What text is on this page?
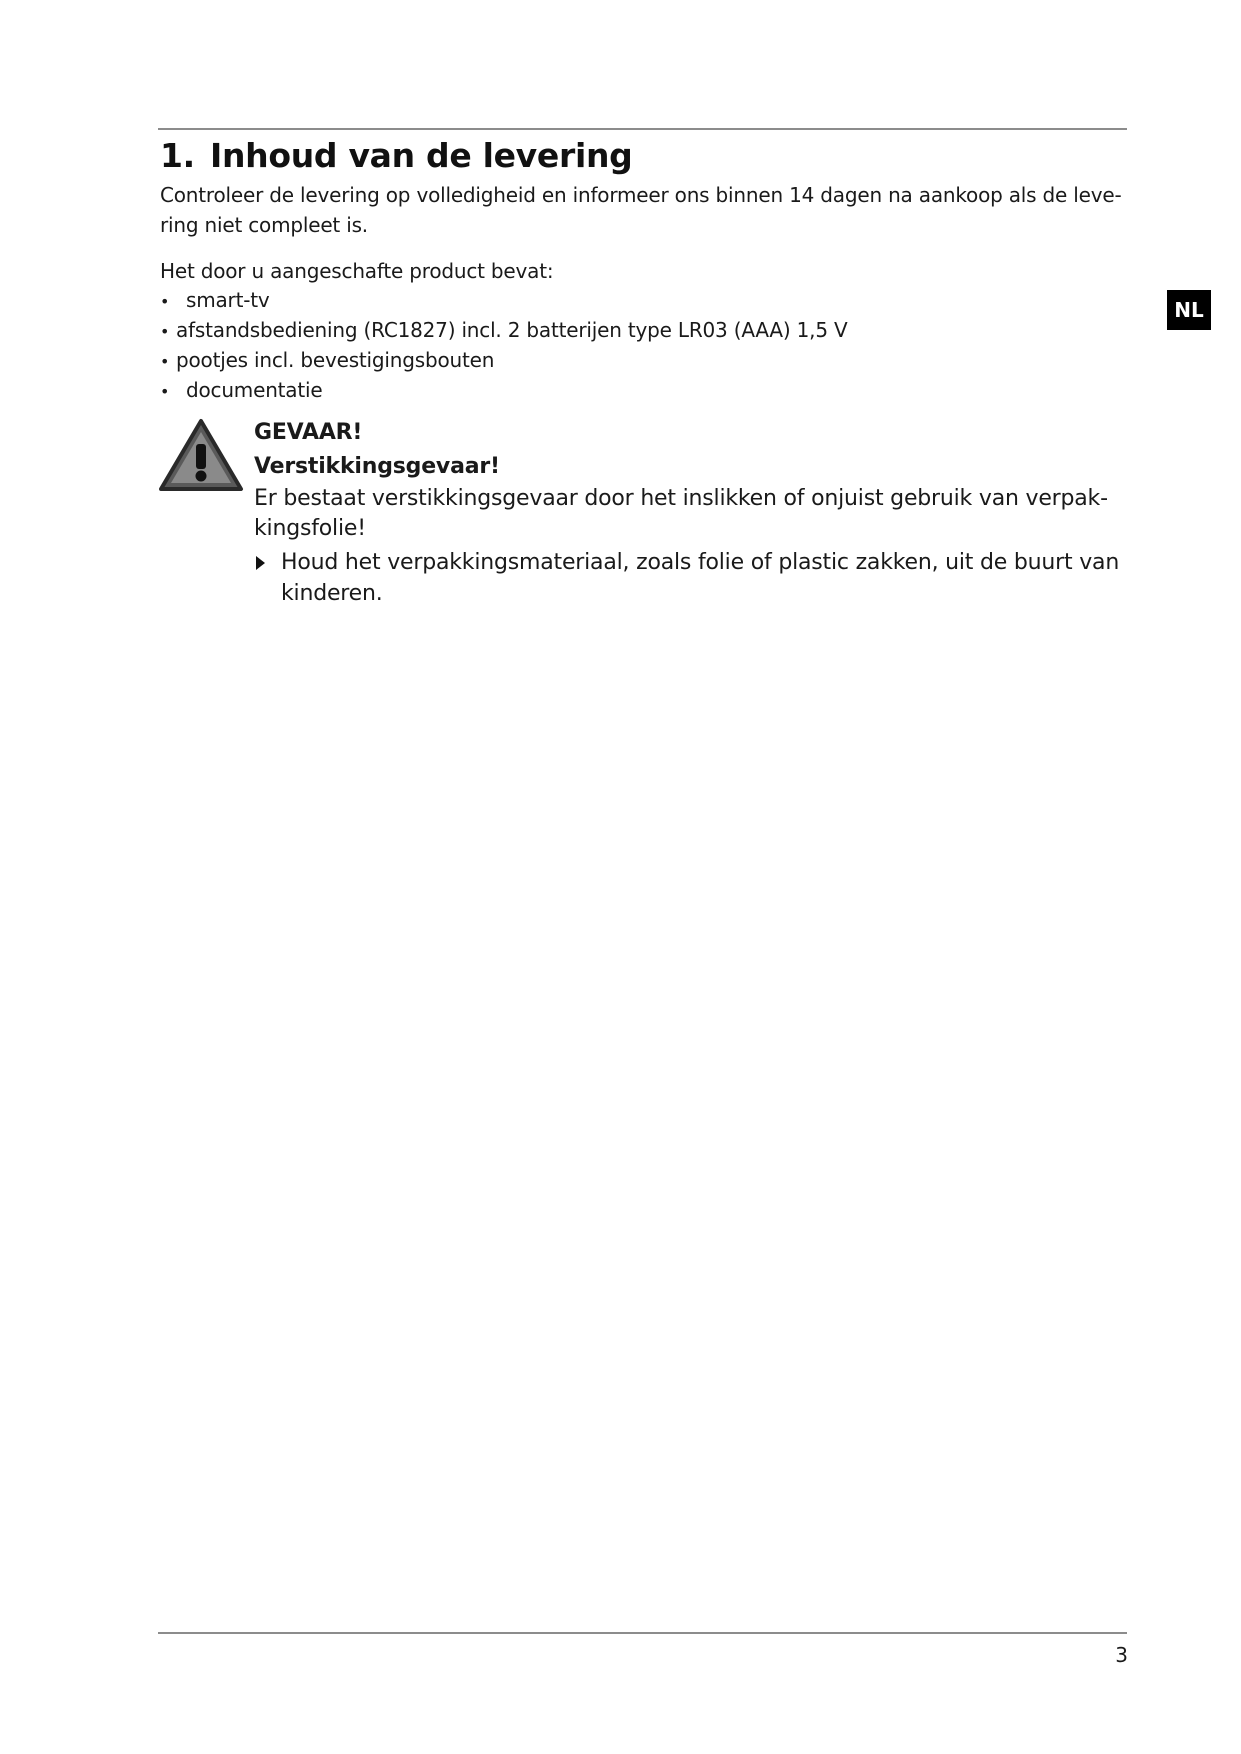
1. Inhoud van de levering

Controleer de levering op volledigheid en informeer ons binnen 14 dagen na aankoop als de leve-
ring niet compleet is.

Het door u aangeschafte product bevat:

• smart-tv
• afstandsbediening (RC1827) incl. 2 batterijen type LR03 (AAA) 1,5 V
• pootjes incl. bevestigingsbouten
• documentatie
NL
GEVAAR!
Verstikkingsgevaar!
Er bestaat verstikkingsgevaar door het inslikken of onjuist gebruik van verpak-
kingsfolie!
Houd het verpakkingsmateriaal, zoals folie of plastic zakken, uit de buurt van
kinderen.
3
